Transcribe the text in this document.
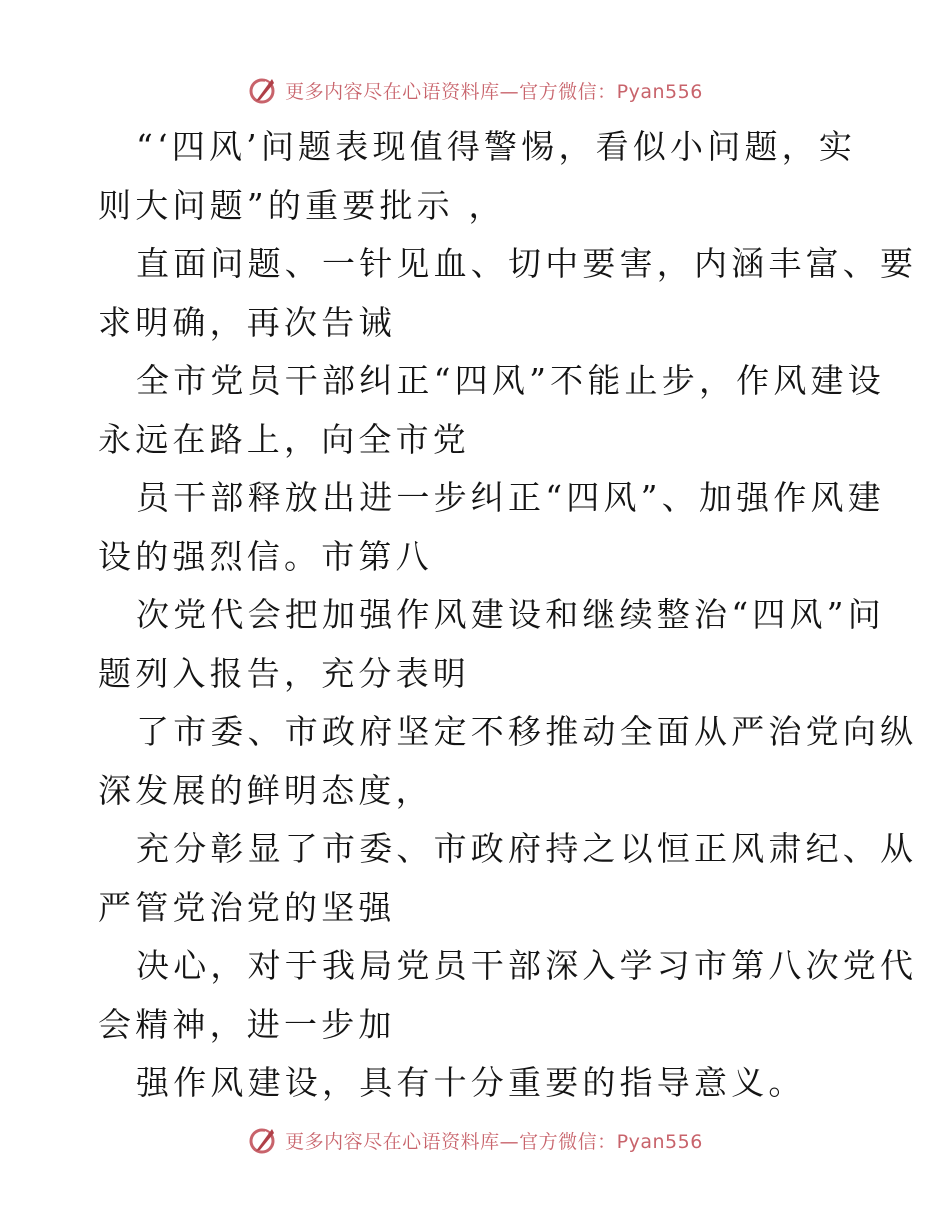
更多内容尽在心语资料库—官方微信：Pyan556

“‘四风’问题表现值得警惕，看似小问题，实
则大问题”的重要批示 ，

直面问题、一针见血、切中要害，内涵丰富、要
求明确，再次告诫

全市党员干部纠正“四风”不能止步，作风建设
永远在路上，向全市党

员干部释放出进一步纠正“四风”、加强作风建
设的强烈信。市第八

次党代会把加强作风建设和继续整治“四风”问
题列入报告，充分表明

了市委、市政府坚定不移推动全面从严治党向纵
深发展的鲜明态度，

充分彰显了市委、市政府持之以恒正风肃纪、从
严管党治党的坚强

决心，对于我局党员干部深入学习市第八次党代
会精神，进一步加

强作风建设，具有十分重要的指导意义。

更多内容尽在心语资料库—官方微信：Pyan556
